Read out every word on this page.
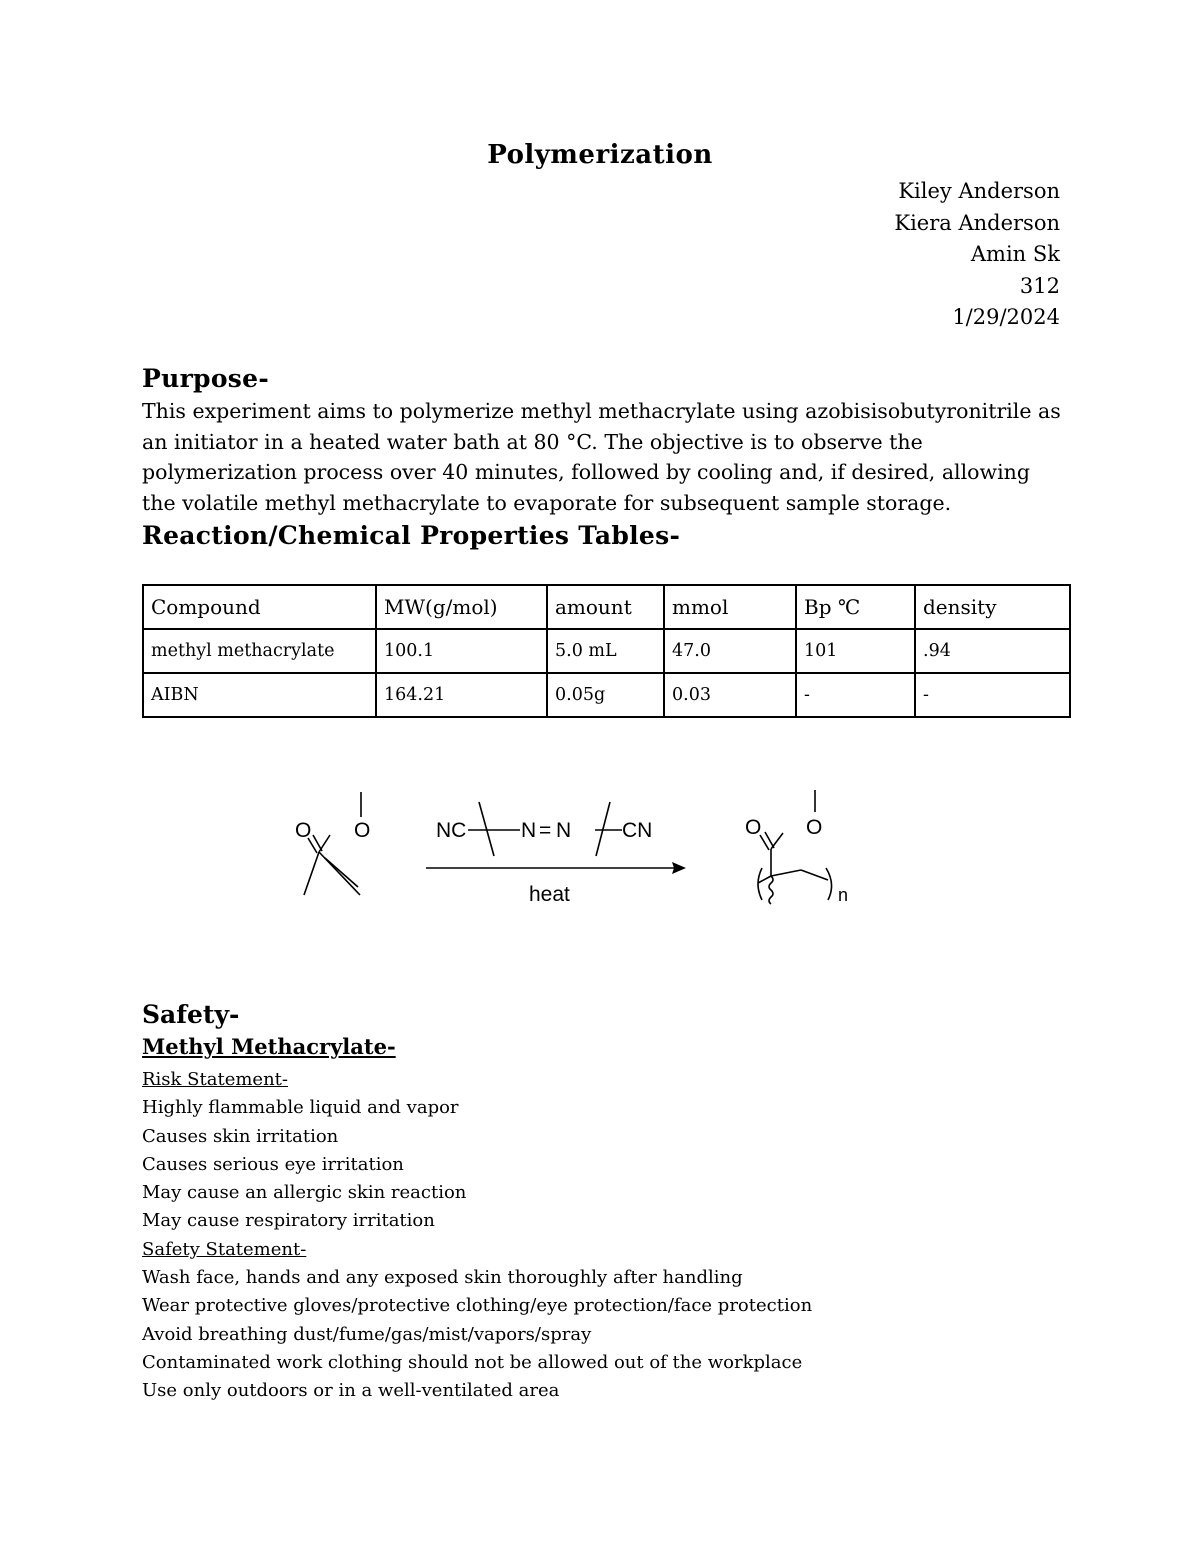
Polymerization
Kiley Anderson
Kiera Anderson
Amin Sk
312
1/29/2024
Purpose-
This experiment aims to polymerize methyl methacrylate using azobisisobutyronitrile as
an initiator in a heated water bath at 80 °C. The objective is to observe the
polymerization process over 40 minutes, followed by cooling and, if desired, allowing
the volatile methyl methacrylate to evaporate for subsequent sample storage.
Reaction/Chemical Properties Tables-
Compound	MW(g/mol)	amount	mmol	Bp ℃	density
methyl methacrylate	100.1	5.0 mL	47.0	101	.94
AIBN	164.21	0.05g	0.03	-	-
O O	NC	N = N CN
heat
O O
n
Safety-
Methyl Methacrylate-
Risk Statement-
Highly flammable liquid and vapor
Causes skin irritation
Causes serious eye irritation
May cause an allergic skin reaction
May cause respiratory irritation
Safety Statement-
Wash face, hands and any exposed skin thoroughly after handling
Wear protective gloves/protective clothing/eye protection/face protection
Avoid breathing dust/fume/gas/mist/vapors/spray
Contaminated work clothing should not be allowed out of the workplace
Use only outdoors or in a well-ventilated area
